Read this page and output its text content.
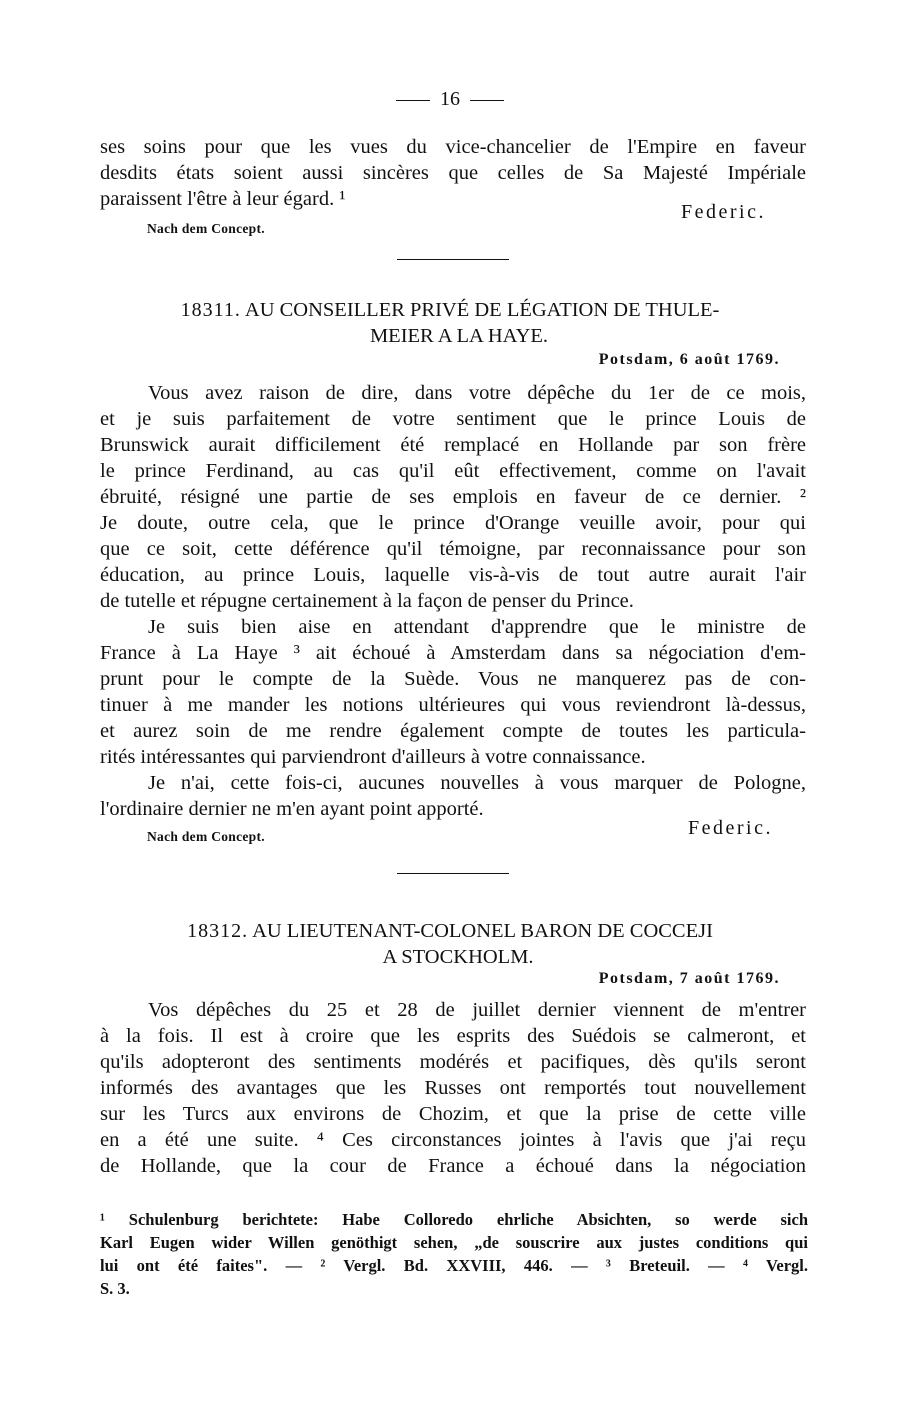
16
ses soins pour que les vues du vice-chancelier de l'Empire en faveur
desdits états soient aussi sincères que celles de Sa Majesté Impériale
paraissent l'être à leur égard. ¹
Federic.
Nach dem Concept.
18311. AU CONSEILLER PRIVÉ DE LÉGATION DE THULE-
MEIER A LA HAYE.
Potsdam, 6 août 1769.
Vous avez raison de dire, dans votre dépêche du 1er de ce mois,
et je suis parfaitement de votre sentiment que le prince Louis de
Brunswick aurait difficilement été remplacé en Hollande par son frère
le prince Ferdinand, au cas qu'il eût effectivement, comme on l'avait
ébruité, résigné une partie de ses emplois en faveur de ce dernier. ²
Je doute, outre cela, que le prince d'Orange veuille avoir, pour qui
que ce soit, cette déférence qu'il témoigne, par reconnaissance pour son
éducation, au prince Louis, laquelle vis-à-vis de tout autre aurait l'air
de tutelle et répugne certainement à la façon de penser du Prince.
Je suis bien aise en attendant d'apprendre que le ministre de
France à La Haye ³ ait échoué à Amsterdam dans sa négociation d'em-
prunt pour le compte de la Suède. Vous ne manquerez pas de con-
tinuer à me mander les notions ultérieures qui vous reviendront là-dessus,
et aurez soin de me rendre également compte de toutes les particula-
rités intéressantes qui parviendront d'ailleurs à votre connaissance.
Je n'ai, cette fois-ci, aucunes nouvelles à vous marquer de Pologne,
l'ordinaire dernier ne m'en ayant point apporté.
Federic.
Nach dem Concept.
18312. AU LIEUTENANT-COLONEL BARON DE COCCEJI
A STOCKHOLM.
Potsdam, 7 août 1769.
Vos dépêches du 25 et 28 de juillet dernier viennent de m'entrer
à la fois. Il est à croire que les esprits des Suédois se calmeront, et
qu'ils adopteront des sentiments modérés et pacifiques, dès qu'ils seront
informés des avantages que les Russes ont remportés tout nouvellement
sur les Turcs aux environs de Chozim, et que la prise de cette ville
en a été une suite. ⁴ Ces circonstances jointes à l'avis que j'ai reçu
de Hollande, que la cour de France a échoué dans la négociation
¹ Schulenburg berichtete: Habe Colloredo ehrliche Absichten, so werde sich
Karl Eugen wider Willen genöthigt sehen, „de souscrire aux justes conditions qui
lui ont été faites". — ² Vergl. Bd. XXVIII, 446. — ³ Breteuil. — ⁴ Vergl.
S. 3.
